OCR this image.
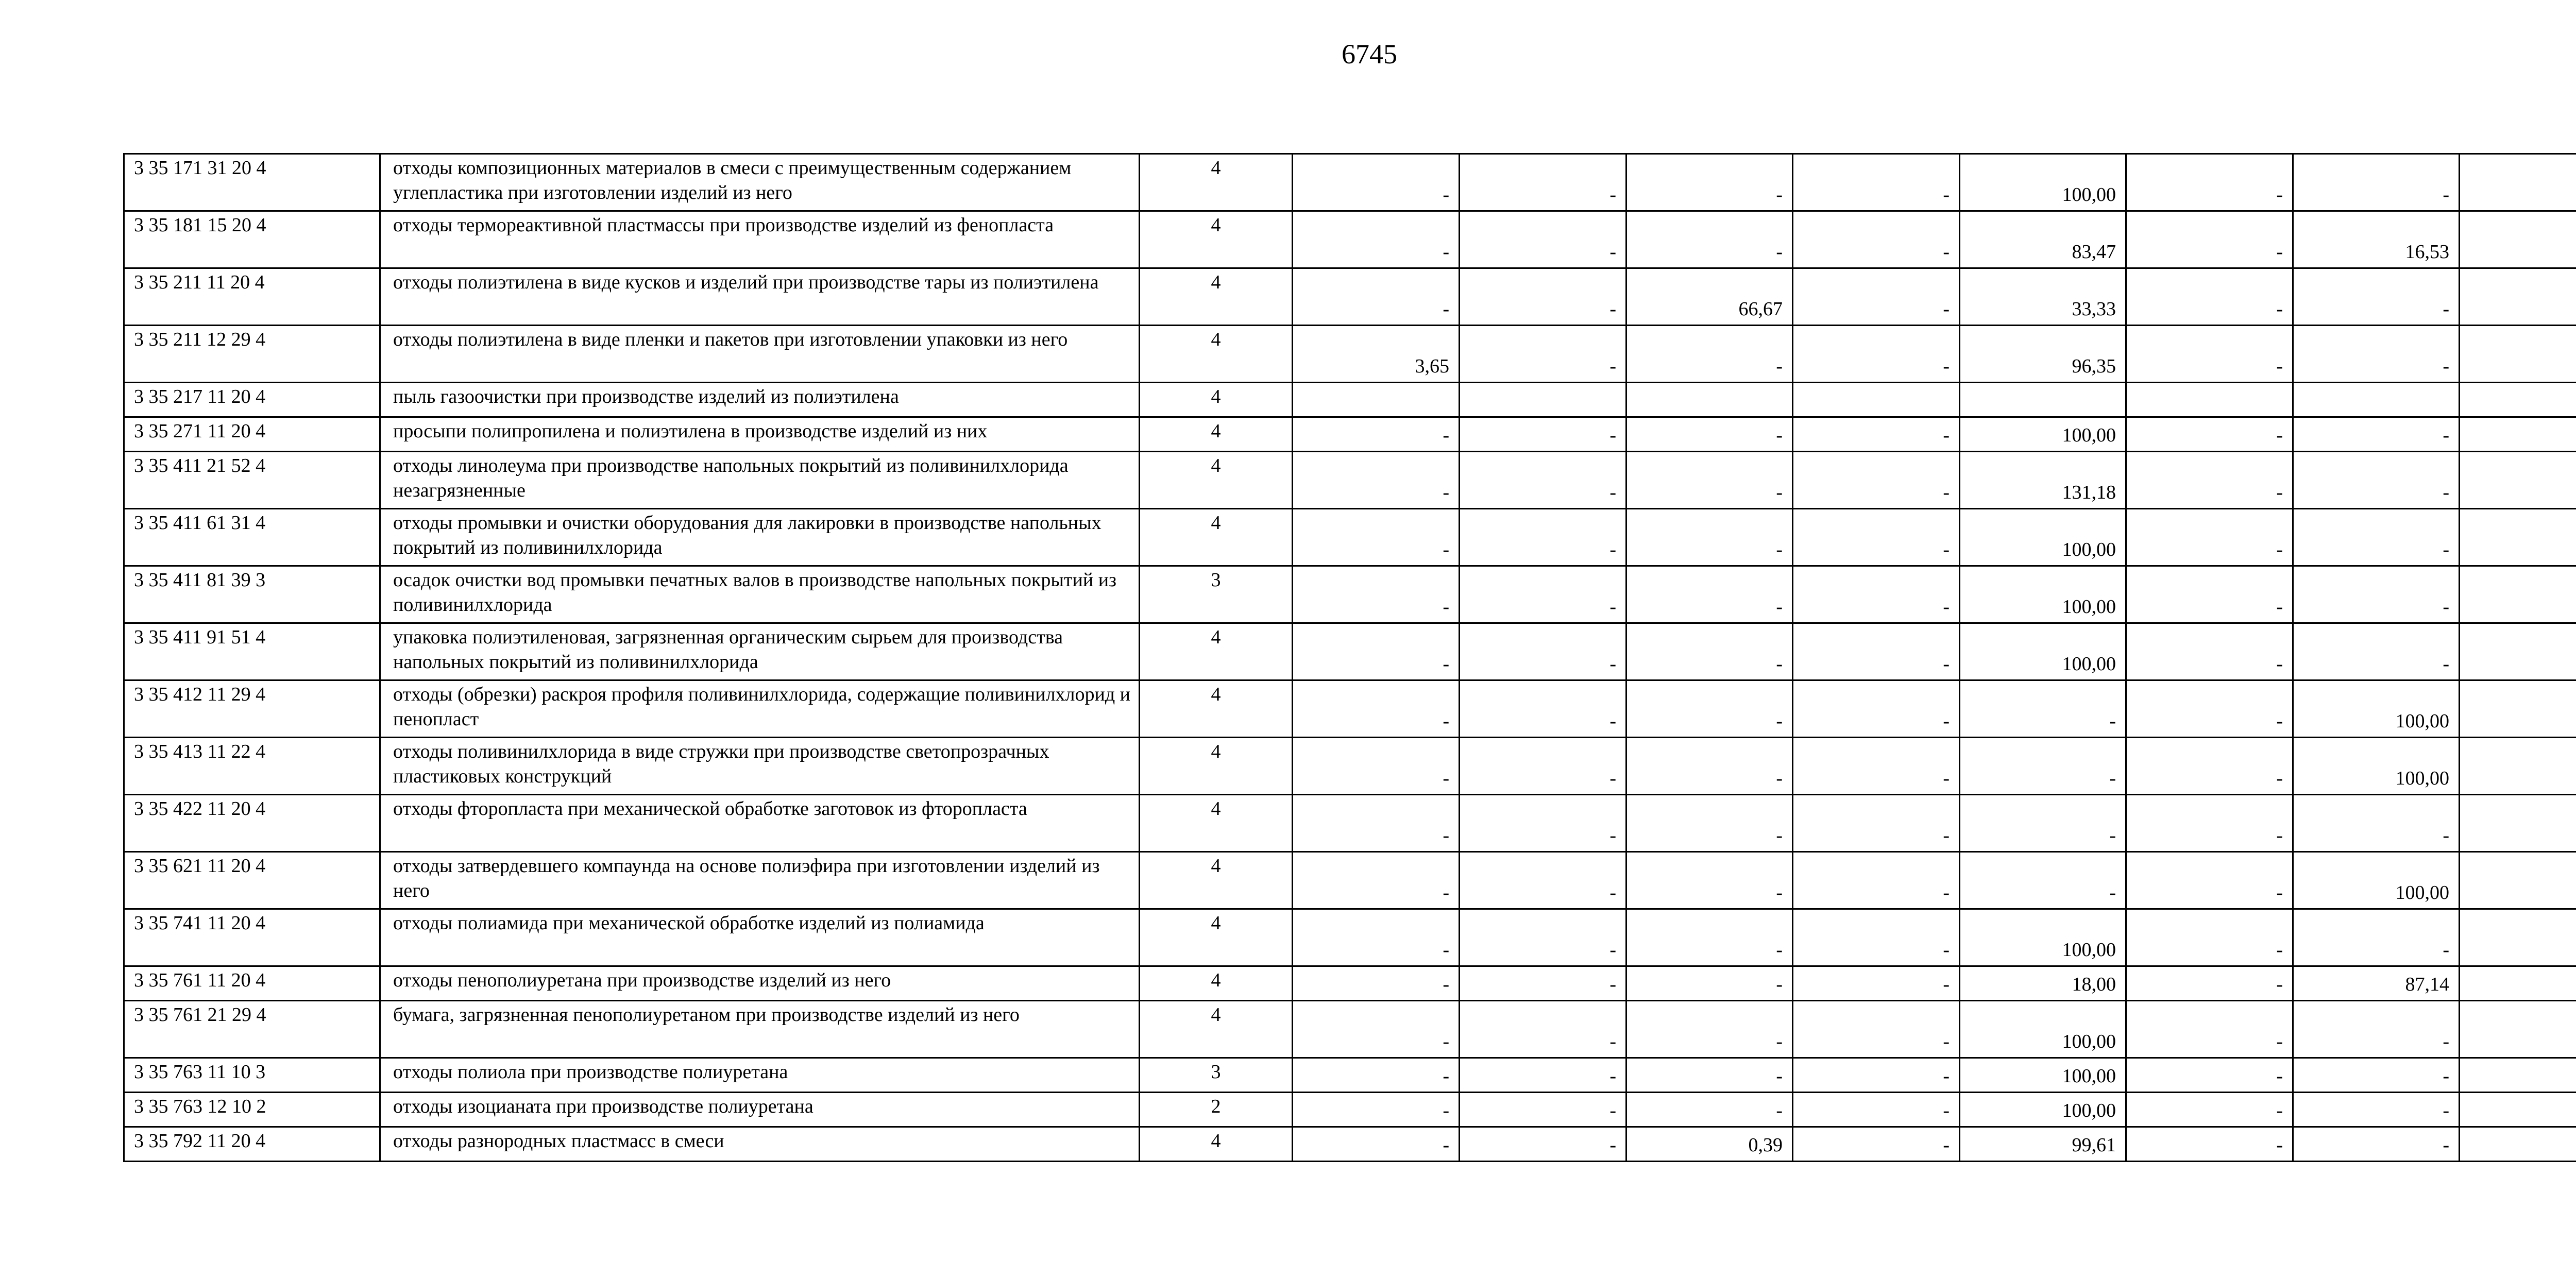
6745
3 35 171 31 20 4	отходы композиционных материалов в смеси с преимущественным содержанием углепластика при изготовлении изделий из него	4	-	-	-	-	100,00	-	-	
3 35 181 15 20 4	отходы термореактивной пластмассы при производстве изделий из фенопласта	4	-	-	-	-	83,47	-	16,53	
3 35 211 11 20 4	отходы полиэтилена в виде кусков и изделий при производстве тары из полиэтилена	4	-	-	66,67	-	33,33	-	-	
3 35 211 12 29 4	отходы полиэтилена в виде пленки и пакетов при изготовлении упаковки из него	4	3,65	-	-	-	96,35	-	-	
3 35 217 11 20 4	пыль газоочистки при производстве изделий из полиэтилена	4								
3 35 271 11 20 4	просыпи полипропилена и полиэтилена в производстве изделий из них	4	-	-	-	-	100,00	-	-	
3 35 411 21 52 4	отходы линолеума при производстве напольных покрытий из поливинилхлорида незагрязненные	4	-	-	-	-	131,18	-	-	
3 35 411 61 31 4	отходы промывки и очистки оборудования для лакировки в производстве напольных покрытий из поливинилхлорида	4	-	-	-	-	100,00	-	-	
3 35 411 81 39 3	осадок очистки вод промывки печатных валов в производстве напольных покрытий из поливинилхлорида	3	-	-	-	-	100,00	-	-	
3 35 411 91 51 4	упаковка полиэтиленовая, загрязненная органическим сырьем для производства напольных покрытий из поливинилхлорида	4	-	-	-	-	100,00	-	-	
3 35 412 11 29 4	отходы (обрезки) раскроя профиля поливинилхлорида, содержащие поливинилхлорид и пенопласт	4	-	-	-	-	-	-	100,00	
3 35 413 11 22 4	отходы поливинилхлорида в виде стружки при производстве светопрозрачных пластиковых конструкций	4	-	-	-	-	-	-	100,00	
3 35 422 11 20 4	отходы фторопласта при механической обработке заготовок из фторопласта	4	-	-	-	-	-	-	-	
3 35 621 11 20 4	отходы затвердевшего компаунда на основе полиэфира при изготовлении изделий из него	4	-	-	-	-	-	-	100,00	
3 35 741 11 20 4	отходы полиамида при механической обработке изделий из полиамида	4	-	-	-	-	100,00	-	-	
3 35 761 11 20 4	отходы пенополиуретана при производстве изделий из него	4	-	-	-	-	18,00	-	87,14	
3 35 761 21 29 4	бумага, загрязненная пенополиуретаном при производстве изделий из него	4	-	-	-	-	100,00	-	-	
3 35 763 11 10 3	отходы полиола при производстве полиуретана	3	-	-	-	-	100,00	-	-	
3 35 763 12 10 2	отходы изоцианата при производстве полиуретана	2	-	-	-	-	100,00	-	-	
3 35 792 11 20 4	отходы разнородных пластмасс в смеси	4	-	-	0,39	-	99,61	-	-	
